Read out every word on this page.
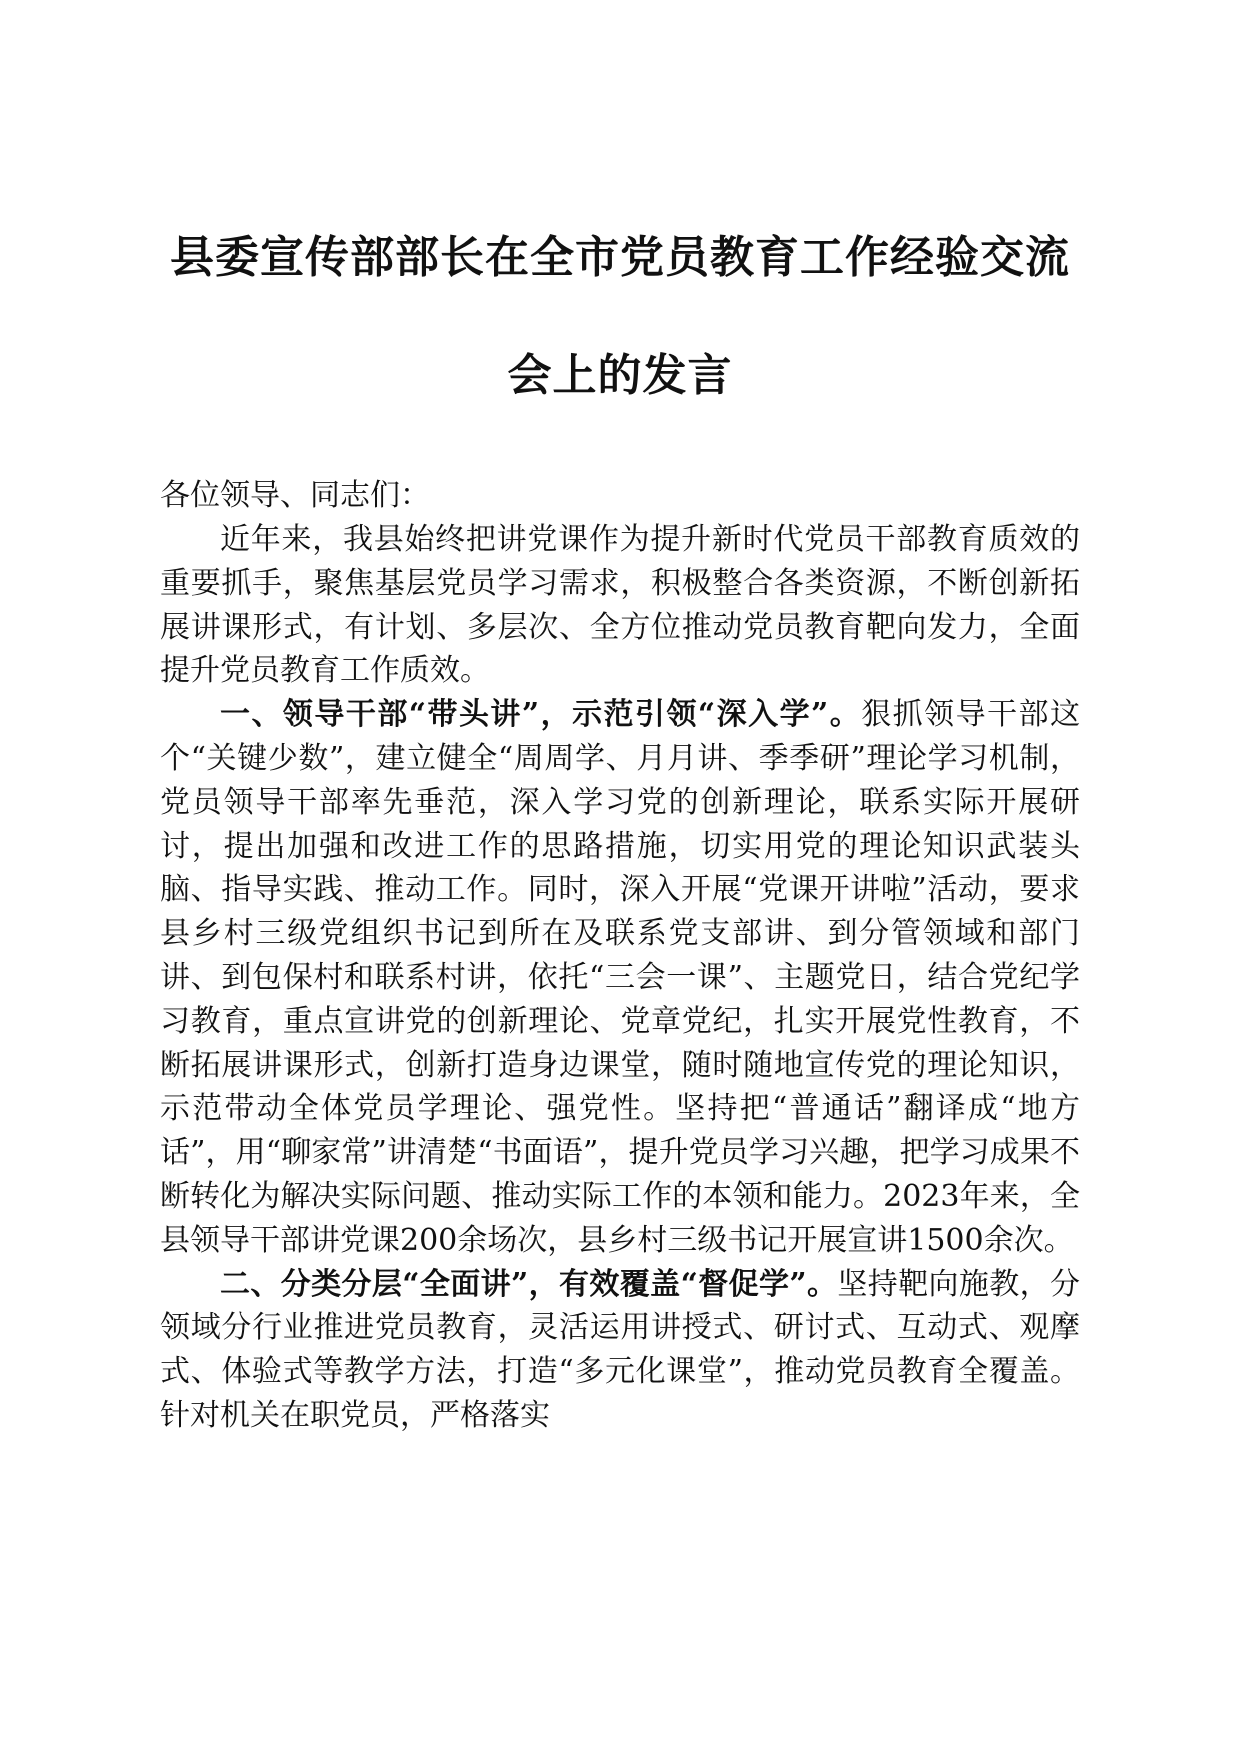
县委宣传部部长在全市党员教育工作经验交流
会上的发言
各位领导、同志们：

近年来，我县始终把讲党课作为提升新时代党员干部教育质效的重要抓手，聚焦基层党员学习需求，积极整合各类资源，不断创新拓展讲课形式，有计划、多层次、全方位推动党员教育靶向发力，全面提升党员教育工作质效。

一、领导干部“带头讲”，示范引领“深入学”。狠抓领导干部这个“关键少数”，建立健全“周周学、月月讲、季季研”理论学习机制，党员领导干部率先垂范，深入学习党的创新理论，联系实际开展研讨，提出加强和改进工作的思路措施，切实用党的理论知识武装头脑、指导实践、推动工作。同时，深入开展“党课开讲啦”活动，要求县乡村三级党组织书记到所在及联系党支部讲、到分管领域和部门讲、到包保村和联系村讲，依托“三会一课”、主题党日，结合党纪学习教育，重点宣讲党的创新理论、党章党纪，扎实开展党性教育，不断拓展讲课形式，创新打造身边课堂，随时随地宣传党的理论知识，示范带动全体党员学理论、强党性。坚持把“普通话”翻译成“地方话”，用“聊家常”讲清楚“书面语”，提升党员学习兴趣，把学习成果不断转化为解决实际问题、推动实际工作的本领和能力。2023年来，全县领导干部讲党课200余场次，县乡村三级书记开展宣讲1500余次。

二、分类分层“全面讲”，有效覆盖“督促学”。坚持靶向施教，分领域分行业推进党员教育，灵活运用讲授式、研讨式、互动式、观摩式、体验式等教学方法，打造“多元化课堂”，推动党员教育全覆盖。针对机关在职党员，严格落实
